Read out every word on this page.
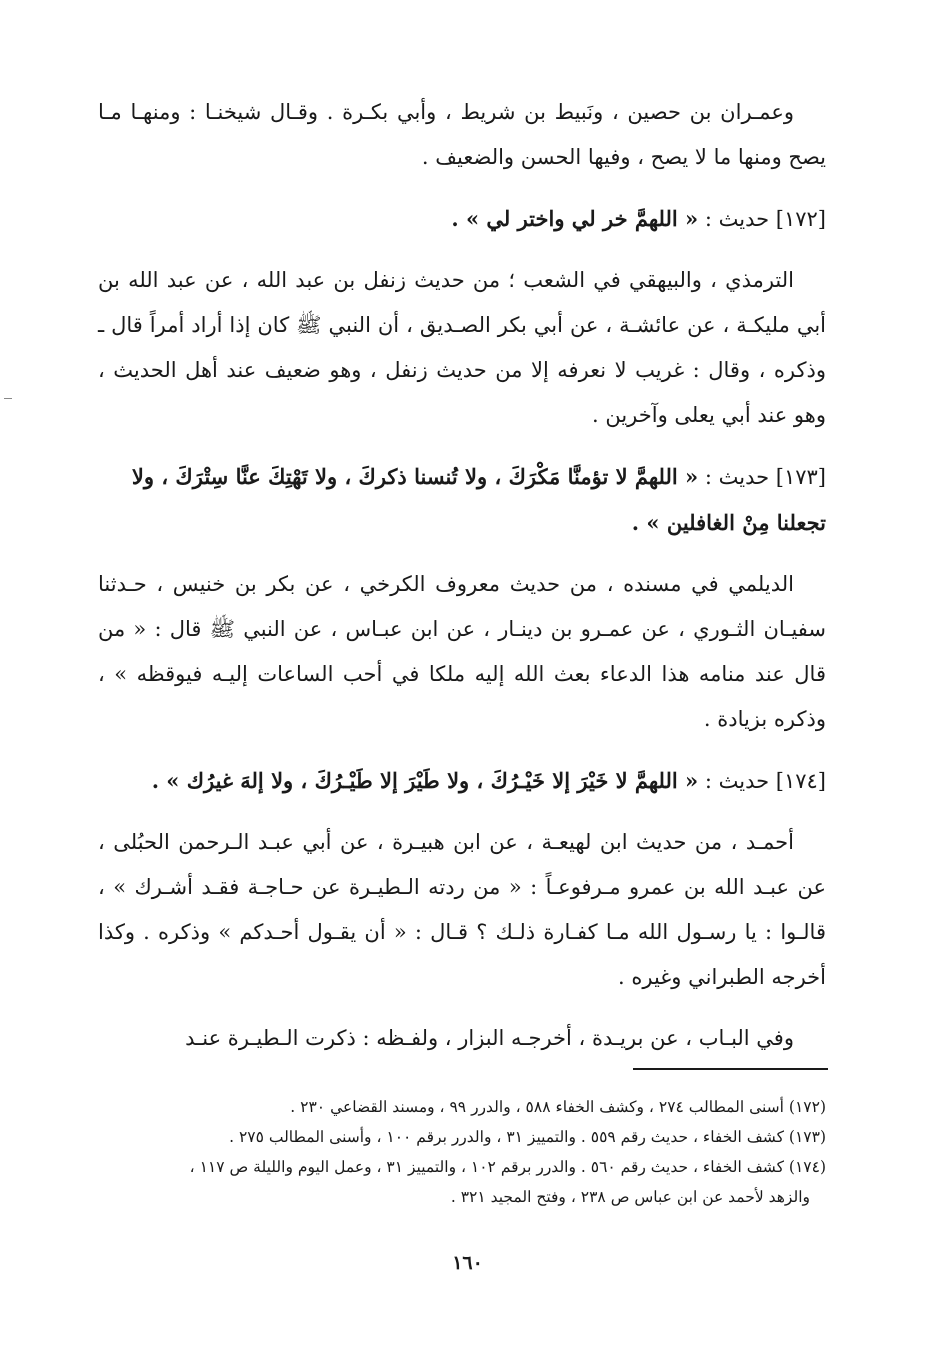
وعمـران بن حصين ، ونَبيط بن شريط ، وأبي بكـرة . وقـال شيخنـا : ومنهـا مـا يصح ومنها ما لا يصح ، وفيها الحسن والضعيف .

[١٧٢] حديث : « اللهمَّ خر لي واختر لي » .

الترمذي ، والبيهقي في الشعب ؛ من حديث زنفل بن عبد الله ، عن عبد الله بن أبي مليكـة ، عن عائشـة ، عن أبي بكر الصـديق ، أن النبي ﷺ كان إذا أراد أمراً قال ـ وذكره ، وقال : غريب لا نعرفه إلا من حديث زنفل ، وهو ضعيف عند أهل الحديث ، وهو عند أبي يعلى وآخرين .

[١٧٣] حديث : « اللهمَّ لا تؤمنَّا مَكْرَكَ ، ولا تُنسنا ذكركَ ، ولا تَهْتِكَ عنَّا سِتْرَكَ ، ولا تجعلنا مِنْ الغافلين » .

الديلمي في مسنده ، من حديث معروف الكرخي ، عن بكر بن خنيس ، حـدثنا سفيـان الثـوري ، عن عمـرو بن دينـار ، عن ابن عبـاس ، عن النبي ﷺ قال : « من قال عند منامه هذا الدعاء بعث الله إليه ملكا في أحب الساعات إليـه فيوقظه » ، وذكره بزيادة .

[١٧٤] حديث : « اللهمَّ لا خَيْرَ إلا خَيْـرُكَ ، ولا طَيْرَ إلا طَيْـرُكَ ، ولا إلهَ غيرُك » .

أحمـد ، من حديث ابن لهيعـة ، عن ابن هبيـرة ، عن أبي عبـد الـرحمن الحبُلى ، عن عبـد الله بن عمرو مـرفوعـاً : « من ردته الـطيـرة عن حـاجـة فقـد أشـرك » ، قالـوا : يا رسـول الله مـا كفـارة ذلـك ؟ قـال : « أن يقـول أحـدكم » وذكره . وكذا أخرجه الطبراني وغيره .

وفي البـاب ، عن بريـدة ، أخرجـه البزار ، ولفـظه : ذكرت الـطيـرة عنـد

(١٧٢) أسنى المطالب ٢٧٤ ، وكشف الخفاء ٥٨٨ ، والدرر ٩٩ ، ومسند القضاعي ٢٣٠ .

(١٧٣) كشف الخفاء ، حديث رقم ٥٥٩ . والتمييز ٣١ ، والدرر برقم ١٠٠ ، وأسنى المطالب ٢٧٥ .

(١٧٤) كشف الخفاء ، حديث رقم ٥٦٠ . والدرر برقم ١٠٢ ، والتمييز ٣١ ، وعمل اليوم والليلة ص ١١٧ ،

والزهد لأحمد عن ابن عباس ص ٢٣٨ ، وفتح المجيد ٣٢١ .

١٦٠
